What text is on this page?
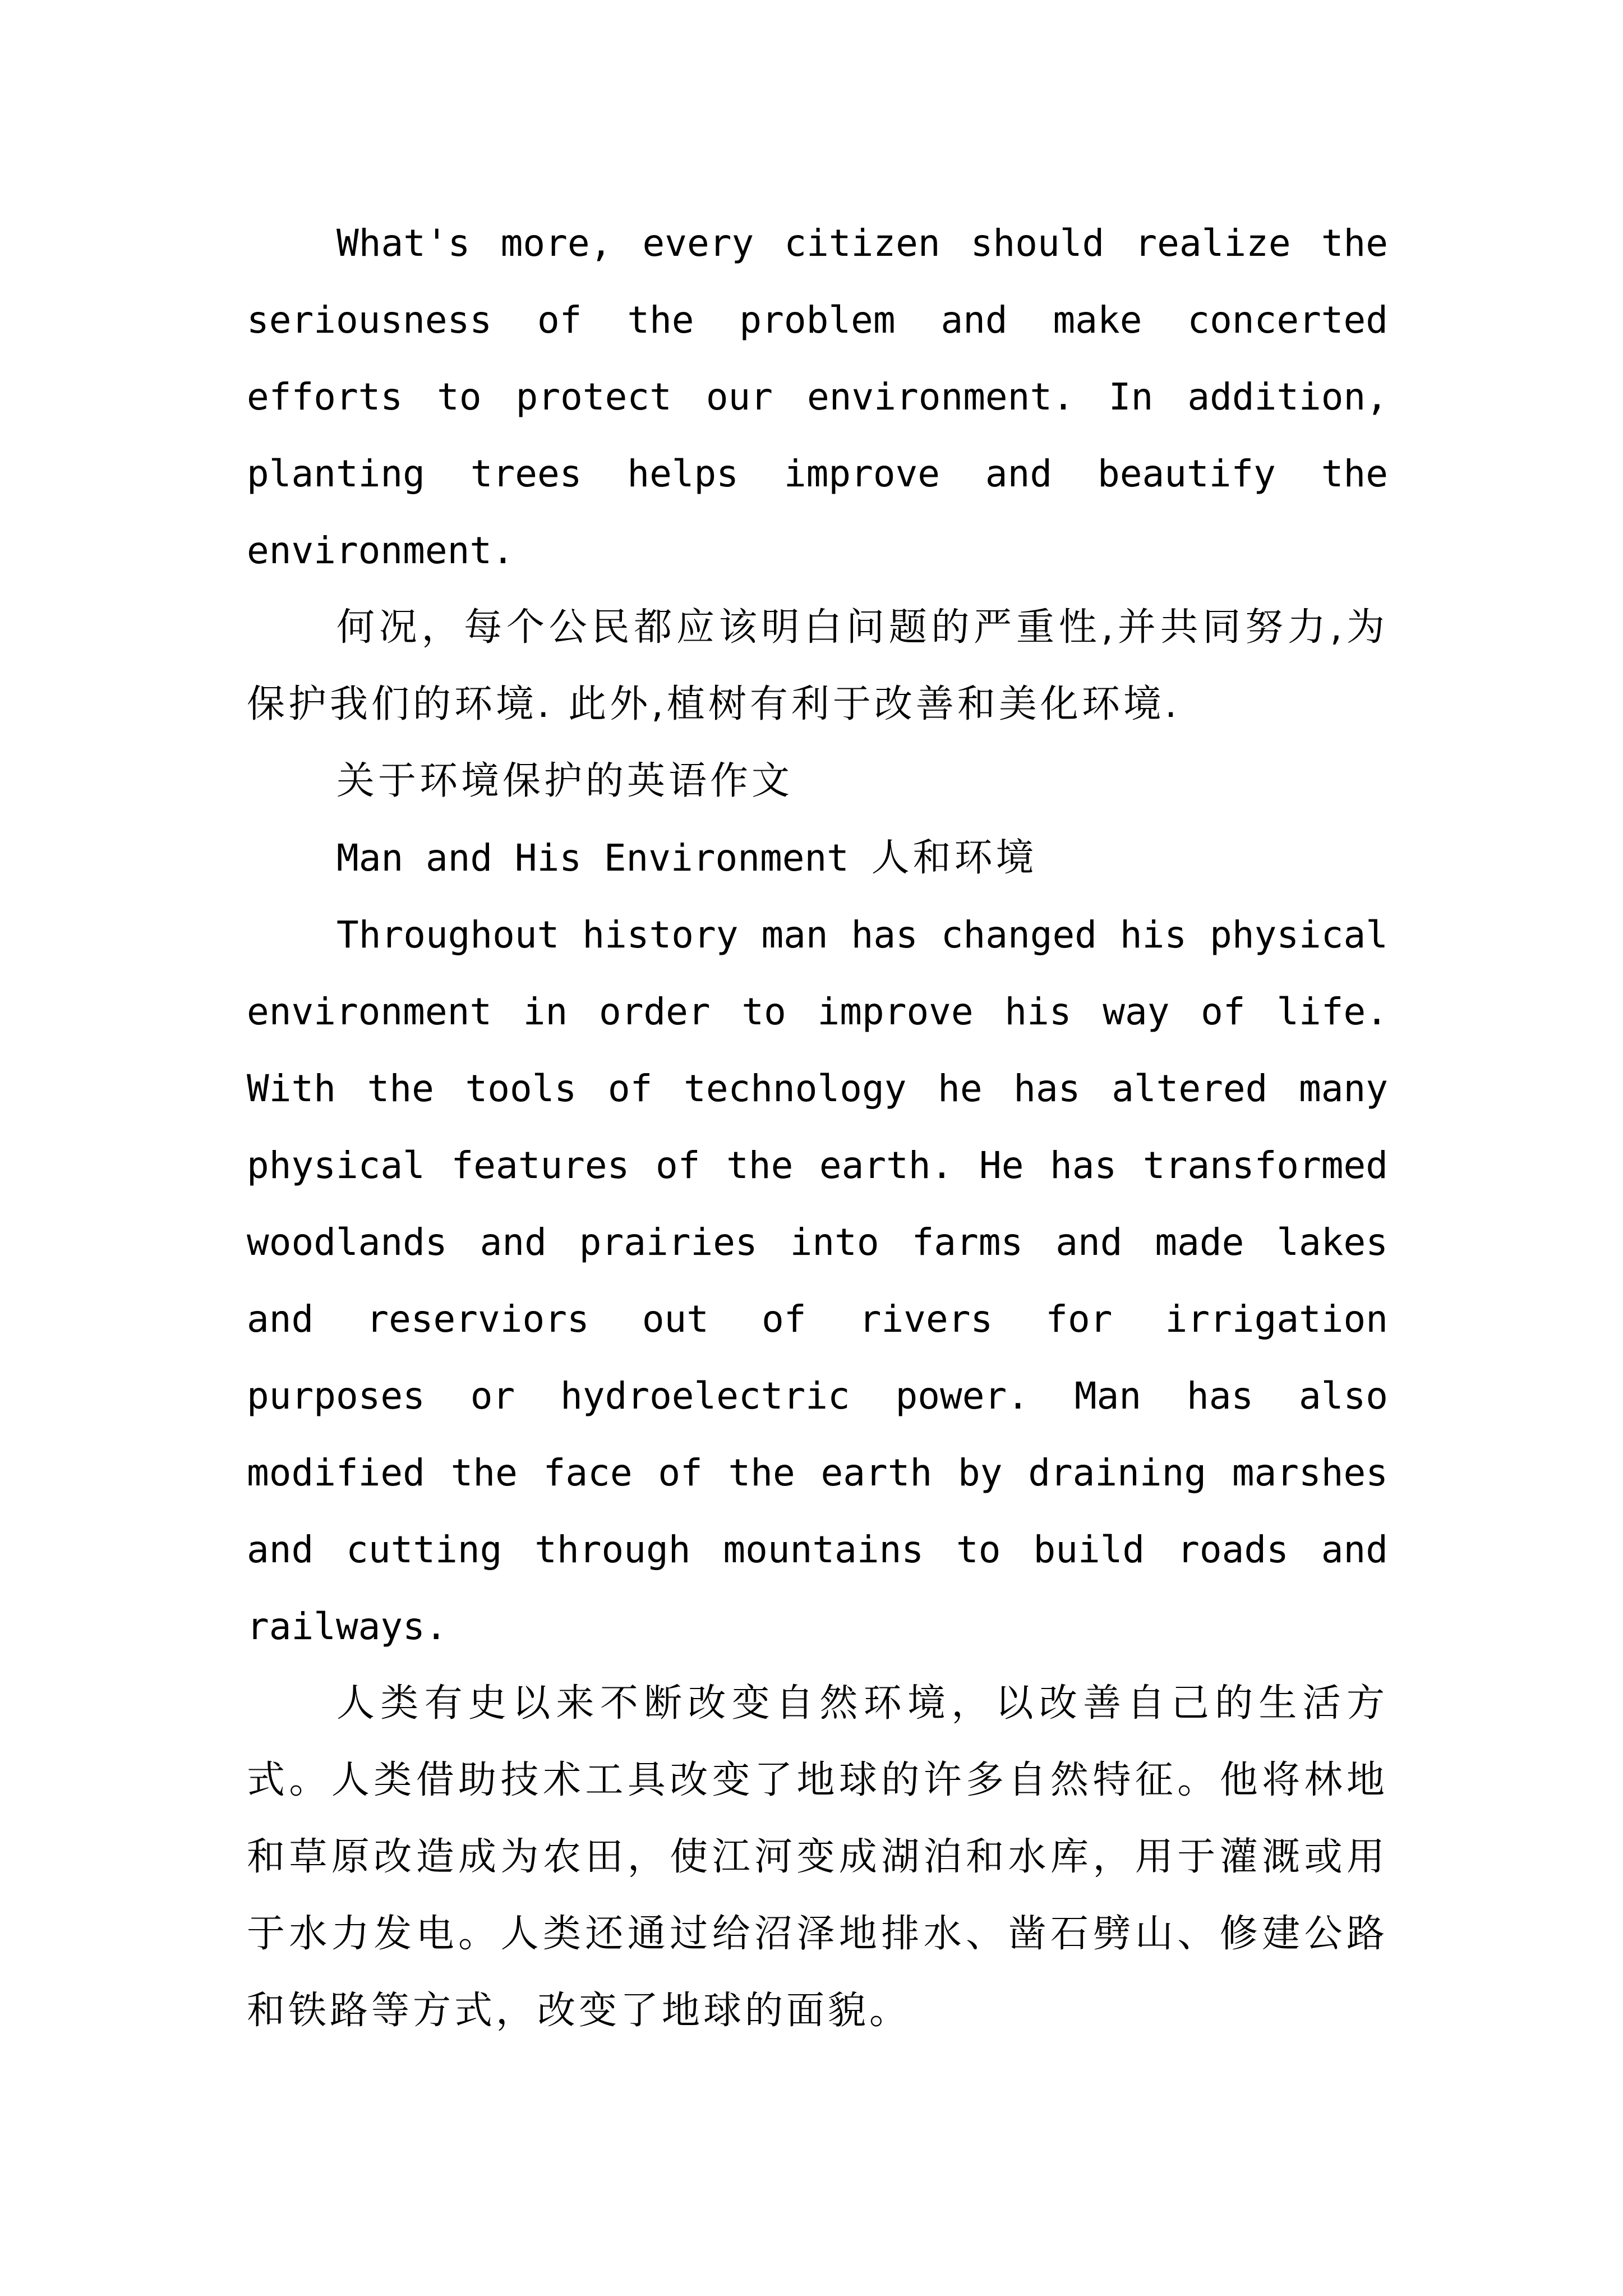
What's more, every citizen should realize the seriousness of the problem and make concerted efforts to protect our environment. In addition, planting trees helps improve and beautify the environment.

何况，每个公民都应该明白问题的严重性,并共同努力,为保护我们的环境. 此外,植树有利于改善和美化环境.

关于环境保护的英语作文

Man and His Environment 人和环境

Throughout history man has changed his physical environment in order to improve his way of life. With the tools of technology he has altered many physical features of the earth. He has transformed woodlands and prairies into farms and made lakes and reserviors out of rivers for irrigation purposes or hydroelectric power. Man has also modified the face of the earth by draining marshes and cutting through mountains to build roads and railways.

人类有史以来不断改变自然环境，以改善自己的生活方式。人类借助技术工具改变了地球的许多自然特征。他将林地和草原改造成为农田，使江河变成湖泊和水库，用于灌溉或用于水力发电。人类还通过给沼泽地排水、凿石劈山、修建公路和铁路等方式，改变了地球的面貌。
